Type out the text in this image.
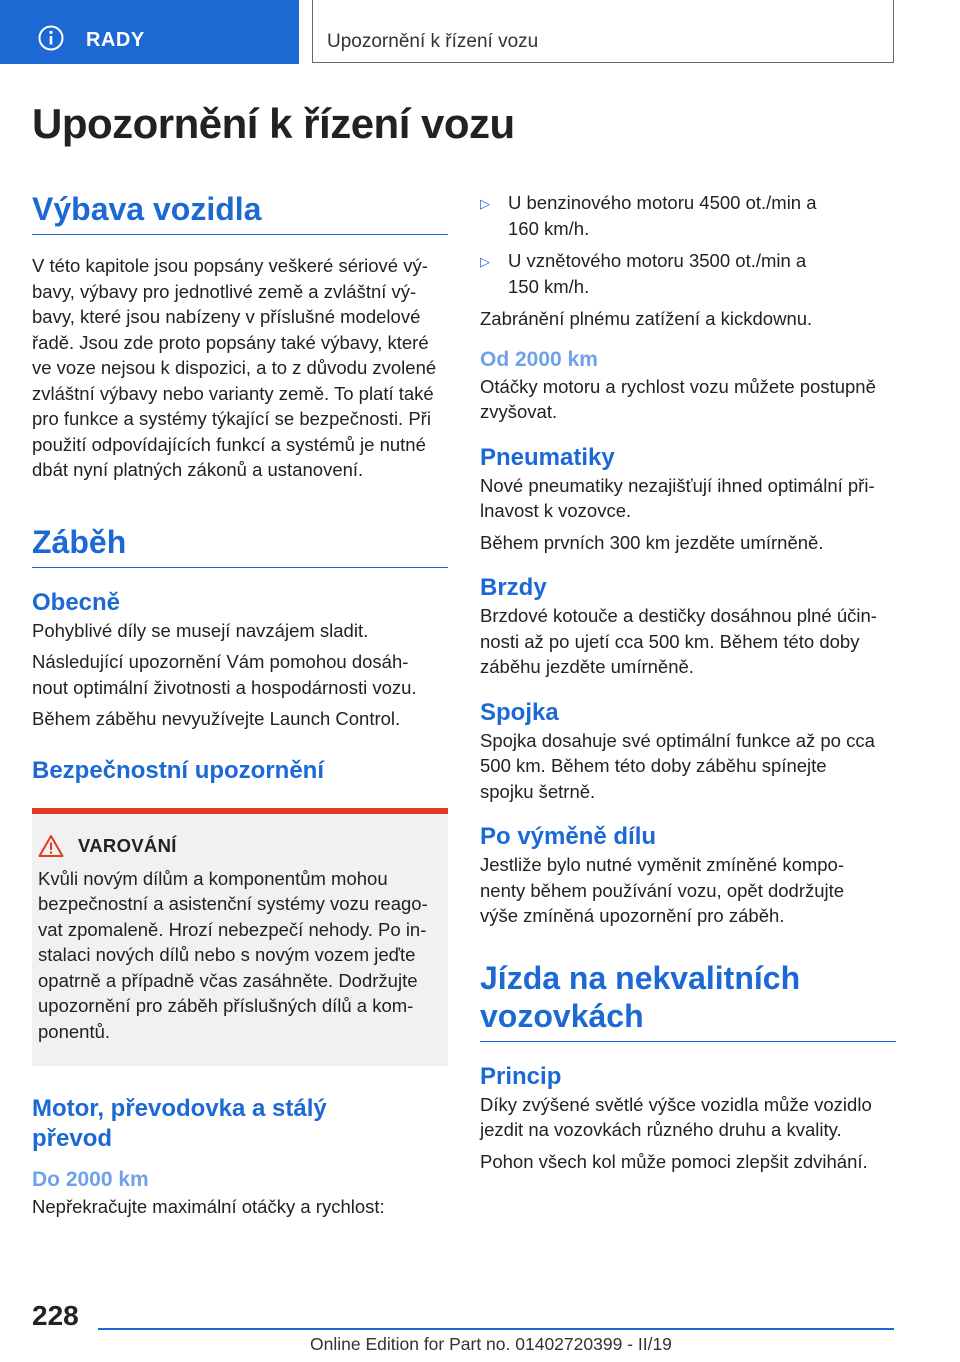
RADY	Upozornění k řízení vozu
Upozornění k řízení vozu
Výbava vozidla

V této kapitole jsou popsány veškeré sériové vý‐
bavy, výbavy pro jednotlivé země a zvláštní vý‐
bavy, které jsou nabízeny v příslušné modelové
řadě. Jsou zde proto popsány také výbavy, které
ve voze nejsou k dispozici, a to z důvodu zvolené
zvláštní výbavy nebo varianty země. To platí také
pro funkce a systémy týkající se bezpečnosti. Při
použití odpovídajících funkcí a systémů je nutné
dbát nyní platných zákonů a ustanovení.

Záběh
Obecně

Pohyblivé díly se musejí navzájem sladit.

Následující upozornění Vám pomohou dosáh‐
nout optimální životnosti a hospodárnosti vozu.

Během záběhu nevyužívejte Launch Control.

Bezpečnostní upozornění
VAROVÁNÍ

Kvůli novým dílům a komponentům mohou
bezpečnostní a asistenční systémy vozu reago‐
vat zpomaleně. Hrozí nebezpečí nehody. Po in‐
stalaci nových dílů nebo s novým vozem jeďte
opatrně a případně včas zasáhněte. Dodržujte
upozornění pro záběh příslušných dílů a kom‐
ponentů.

Motor, převodovka a stálý
převod
Do 2000 km

Nepřekračujte maximální otáčky a rychlost:

▷ U benzinového motoru 4500 ot./min a
160 km/h.
▷ U vznětového motoru 3500 ot./min a
150 km/h.

Zabránění plnému zatížení a kickdownu.

Od 2000 km

Otáčky motoru a rychlost vozu můžete postupně
zvyšovat.

Pneumatiky

Nové pneumatiky nezajišťují ihned optimální při‐
lnavost k vozovce.

Během prvních 300 km jezděte umírněně.

Brzdy

Brzdové kotouče a destičky dosáhnou plné účin‐
nosti až po ujetí cca 500 km. Během této doby
záběhu jezděte umírněně.

Spojka

Spojka dosahuje své optimální funkce až po cca
500 km. Během této doby záběhu spínejte
spojku šetrně.

Po výměně dílu

Jestliže bylo nutné vyměnit zmíněné kompo‐
nenty během používání vozu, opět dodržujte
výše zmíněná upozornění pro záběh.

Jízda na nekvalitních
vozovkách
Princip

Díky zvýšené světlé výšce vozidla může vozidlo
jezdit na vozovkách různého druhu a kvality.

Pohon všech kol může pomoci zlepšit zdvihání.

228
Online Edition for Part no. 01402720399 - II/19
